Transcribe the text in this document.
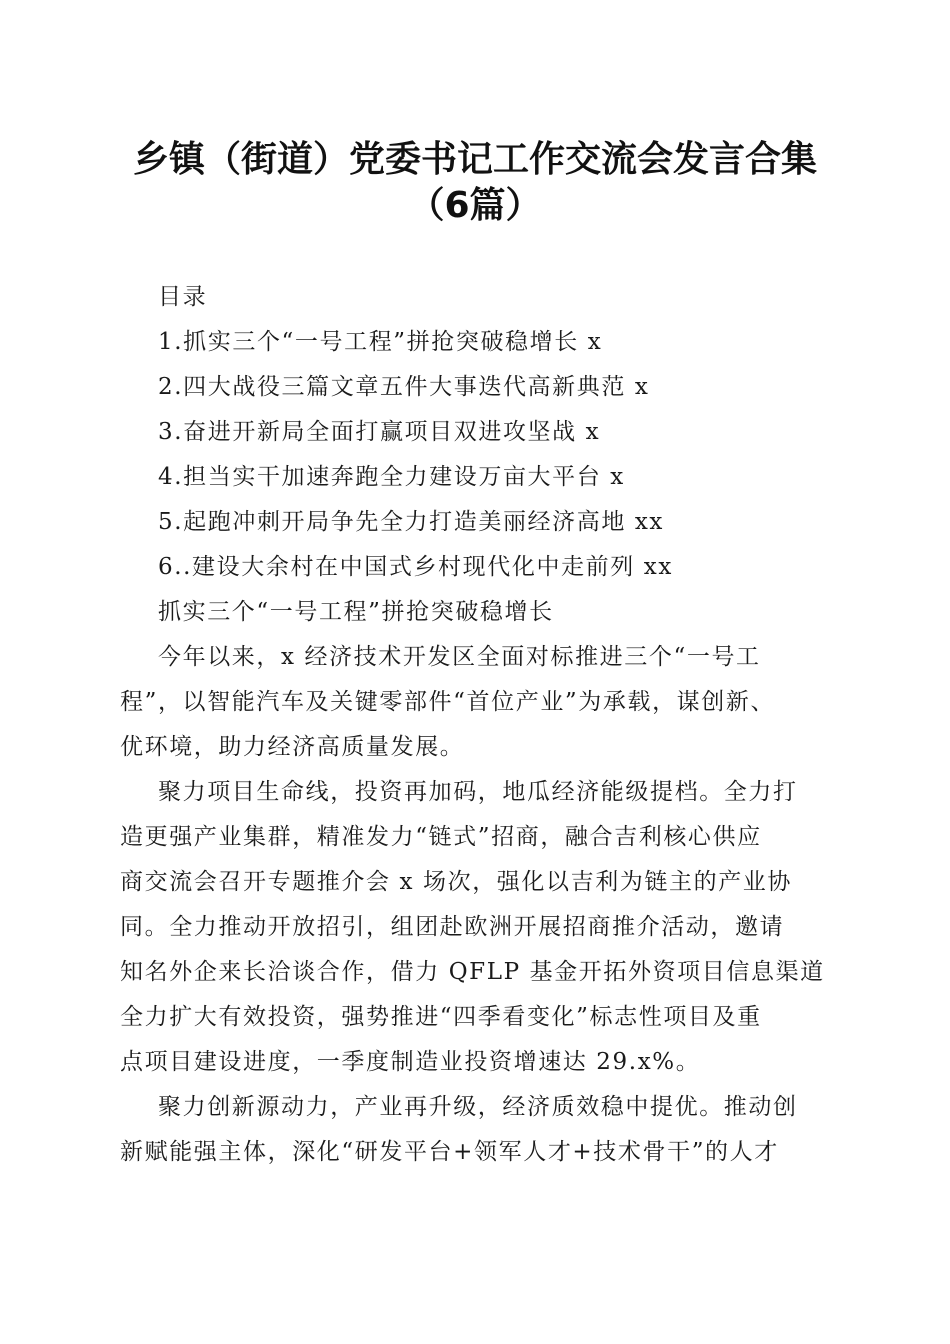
乡镇（街道）党委书记工作交流会发言合集
（6篇）
目录
1.抓实三个“一号工程”拼抢突破稳增长 x
2.四大战役三篇文章五件大事迭代高新典范 x
3.奋进开新局全面打赢项目双进攻坚战 x
4.担当实干加速奔跑全力建设万亩大平台 x
5.起跑冲刺开局争先全力打造美丽经济高地 xx
6..建设大余村在中国式乡村现代化中走前列 xx
抓实三个“一号工程”拼抢突破稳增长
今年以来，x 经济技术开发区全面对标推进三个“一号工
程”，以智能汽车及关键零部件“首位产业”为承载，谋创新、
优环境，助力经济高质量发展。
聚力项目生命线，投资再加码，地瓜经济能级提档。全力打
造更强产业集群，精准发力“链式”招商，融合吉利核心供应
商交流会召开专题推介会 x 场次，强化以吉利为链主的产业协
同。全力推动开放招引，组团赴欧洲开展招商推介活动，邀请
知名外企来长洽谈合作，借力 QFLP 基金开拓外资项目信息渠道
全力扩大有效投资，强势推进“四季看变化”标志性项目及重
点项目建设进度，一季度制造业投资增速达 29.x%。
聚力创新源动力，产业再升级，经济质效稳中提优。推动创
新赋能强主体，深化“研发平台+领军人才+技术骨干”的人才
